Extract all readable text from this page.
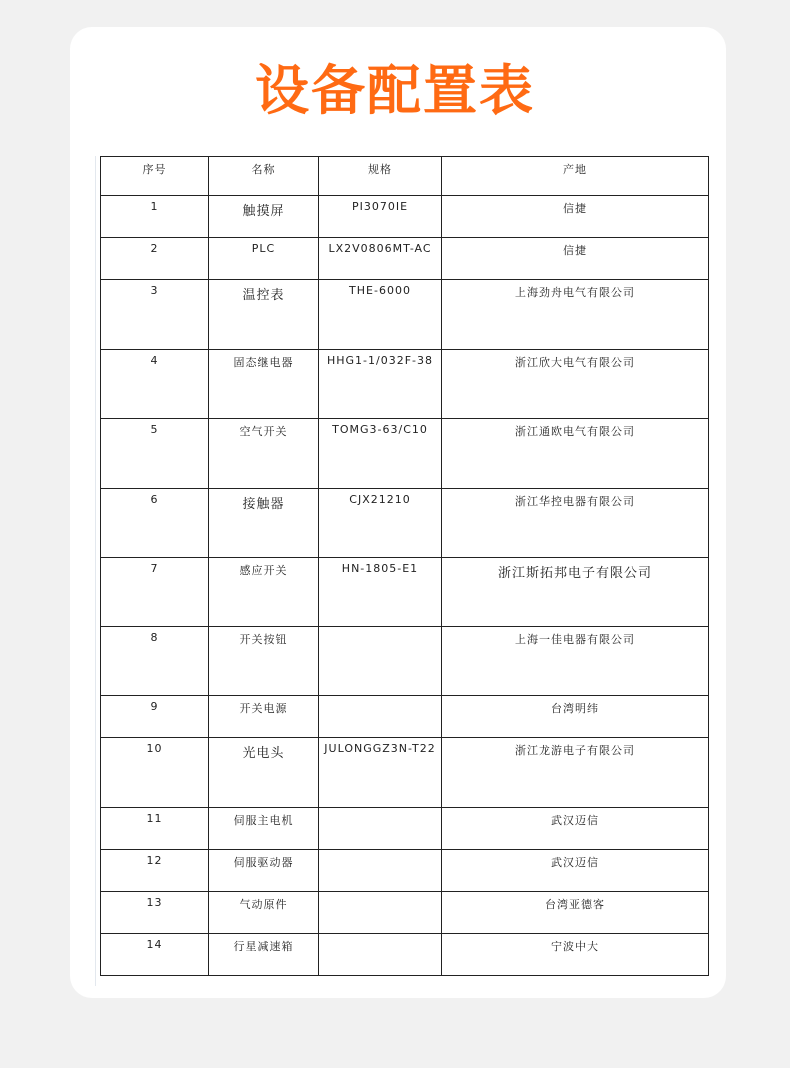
设备配置表
序号	名称	规格	产地
1	触摸屏	PI3070IE	信捷
2	PLC	LX2V0806MT-AC	信捷
3	温控表	THE-6000	上海劲舟电气有限公司
4	固态继电器	HHG1-1/032F-38	浙江欣大电气有限公司
5	空气开关	TOMG3-63/C10	浙江通欧电气有限公司
6	接触器	CJX21210	浙江华控电器有限公司
7	感应开关	HN-1805-E1	浙江斯拓邦电子有限公司
8	开关按钮		上海一佳电器有限公司
9	开关电源		台湾明纬
10	光电头	JULONGGZ3N-T22	浙江龙游电子有限公司
11	伺服主电机		武汉迈信
12	伺服驱动器		武汉迈信
13	气动原件		台湾亚德客
14	行星减速箱		宁波中大
